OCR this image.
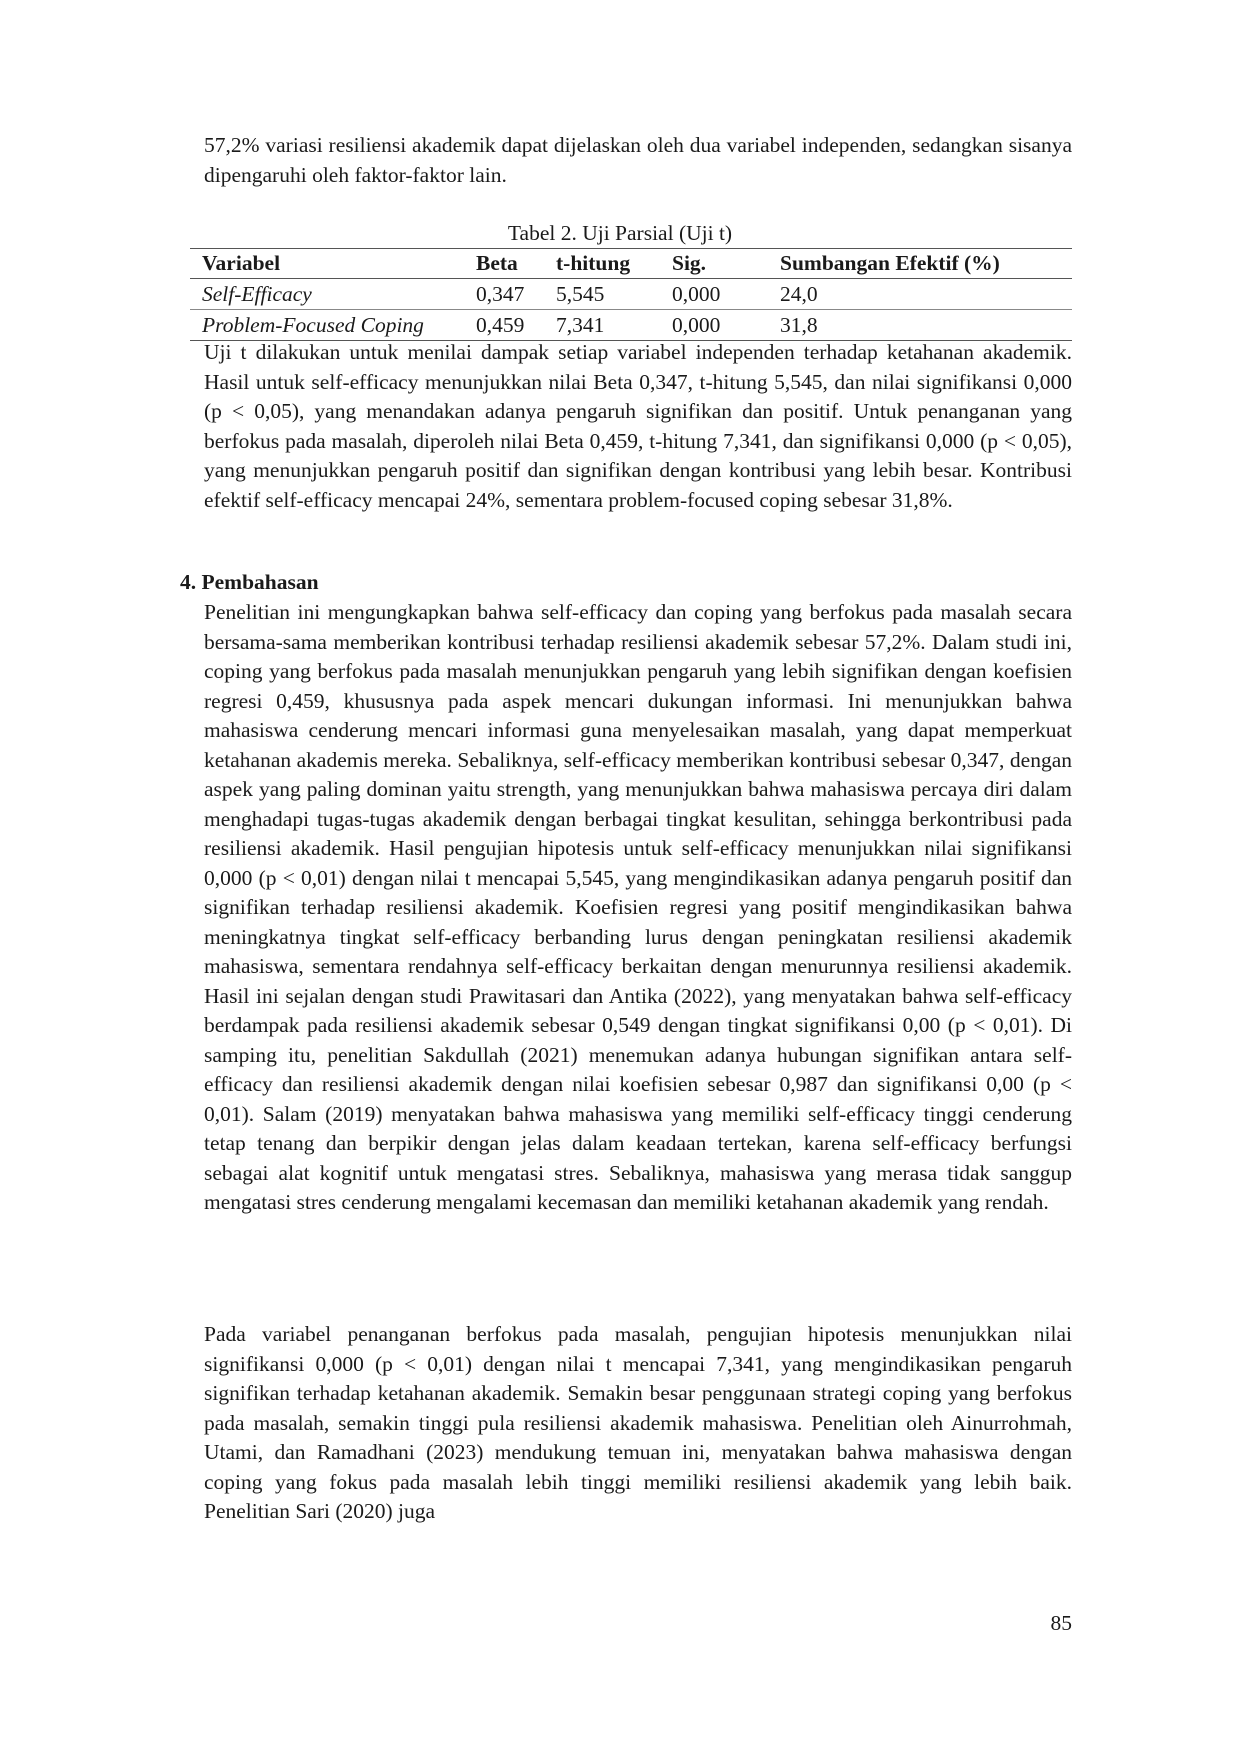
57,2% variasi resiliensi akademik dapat dijelaskan oleh dua variabel independen, sedangkan sisanya dipengaruhi oleh faktor-faktor lain.

Tabel 2. Uji Parsial (Uji t)
Variabel	Beta	t-hitung	Sig.	Sumbangan Efektif (%)
Self-Efficacy	0,347	5,545	0,000	24,0
Problem-Focused Coping	0,459	7,341	0,000	31,8

Uji t dilakukan untuk menilai dampak setiap variabel independen terhadap ketahanan akademik. Hasil untuk self-efficacy menunjukkan nilai Beta 0,347, t-hitung 5,545, dan nilai signifikansi 0,000 (p < 0,05), yang menandakan adanya pengaruh signifikan dan positif. Untuk penanganan yang berfokus pada masalah, diperoleh nilai Beta 0,459, t-hitung 7,341, dan signifikansi 0,000 (p < 0,05), yang menunjukkan pengaruh positif dan signifikan dengan kontribusi yang lebih besar. Kontribusi efektif self-efficacy mencapai 24%, sementara problem-focused coping sebesar 31,8%.

4. Pembahasan

Penelitian ini mengungkapkan bahwa self-efficacy dan coping yang berfokus pada masalah secara bersama-sama memberikan kontribusi terhadap resiliensi akademik sebesar 57,2%. Dalam studi ini, coping yang berfokus pada masalah menunjukkan pengaruh yang lebih signifikan dengan koefisien regresi 0,459, khususnya pada aspek mencari dukungan informasi. Ini menunjukkan bahwa mahasiswa cenderung mencari informasi guna menyelesaikan masalah, yang dapat memperkuat ketahanan akademis mereka. Sebaliknya, self-efficacy memberikan kontribusi sebesar 0,347, dengan aspek yang paling dominan yaitu strength, yang menunjukkan bahwa mahasiswa percaya diri dalam menghadapi tugas-tugas akademik dengan berbagai tingkat kesulitan, sehingga berkontribusi pada resiliensi akademik. Hasil pengujian hipotesis untuk self-efficacy menunjukkan nilai signifikansi 0,000 (p < 0,01) dengan nilai t mencapai 5,545, yang mengindikasikan adanya pengaruh positif dan signifikan terhadap resiliensi akademik. Koefisien regresi yang positif mengindikasikan bahwa meningkatnya tingkat self-efficacy berbanding lurus dengan peningkatan resiliensi akademik mahasiswa, sementara rendahnya self-efficacy berkaitan dengan menurunnya resiliensi akademik. Hasil ini sejalan dengan studi Prawitasari dan Antika (2022), yang menyatakan bahwa self-efficacy berdampak pada resiliensi akademik sebesar 0,549 dengan tingkat signifikansi 0,00 (p < 0,01). Di samping itu, penelitian Sakdullah (2021) menemukan adanya hubungan signifikan antara self-efficacy dan resiliensi akademik dengan nilai koefisien sebesar 0,987 dan signifikansi 0,00 (p < 0,01). Salam (2019) menyatakan bahwa mahasiswa yang memiliki self-efficacy tinggi cenderung tetap tenang dan berpikir dengan jelas dalam keadaan tertekan, karena self-efficacy berfungsi sebagai alat kognitif untuk mengatasi stres. Sebaliknya, mahasiswa yang merasa tidak sanggup mengatasi stres cenderung mengalami kecemasan dan memiliki ketahanan akademik yang rendah.

Pada variabel penanganan berfokus pada masalah, pengujian hipotesis menunjukkan nilai signifikansi 0,000 (p < 0,01) dengan nilai t mencapai 7,341, yang mengindikasikan pengaruh signifikan terhadap ketahanan akademik. Semakin besar penggunaan strategi coping yang berfokus pada masalah, semakin tinggi pula resiliensi akademik mahasiswa. Penelitian oleh Ainurrohmah, Utami, dan Ramadhani (2023) mendukung temuan ini, menyatakan bahwa mahasiswa dengan coping yang fokus pada masalah lebih tinggi memiliki resiliensi akademik yang lebih baik. Penelitian Sari (2020) juga

85
